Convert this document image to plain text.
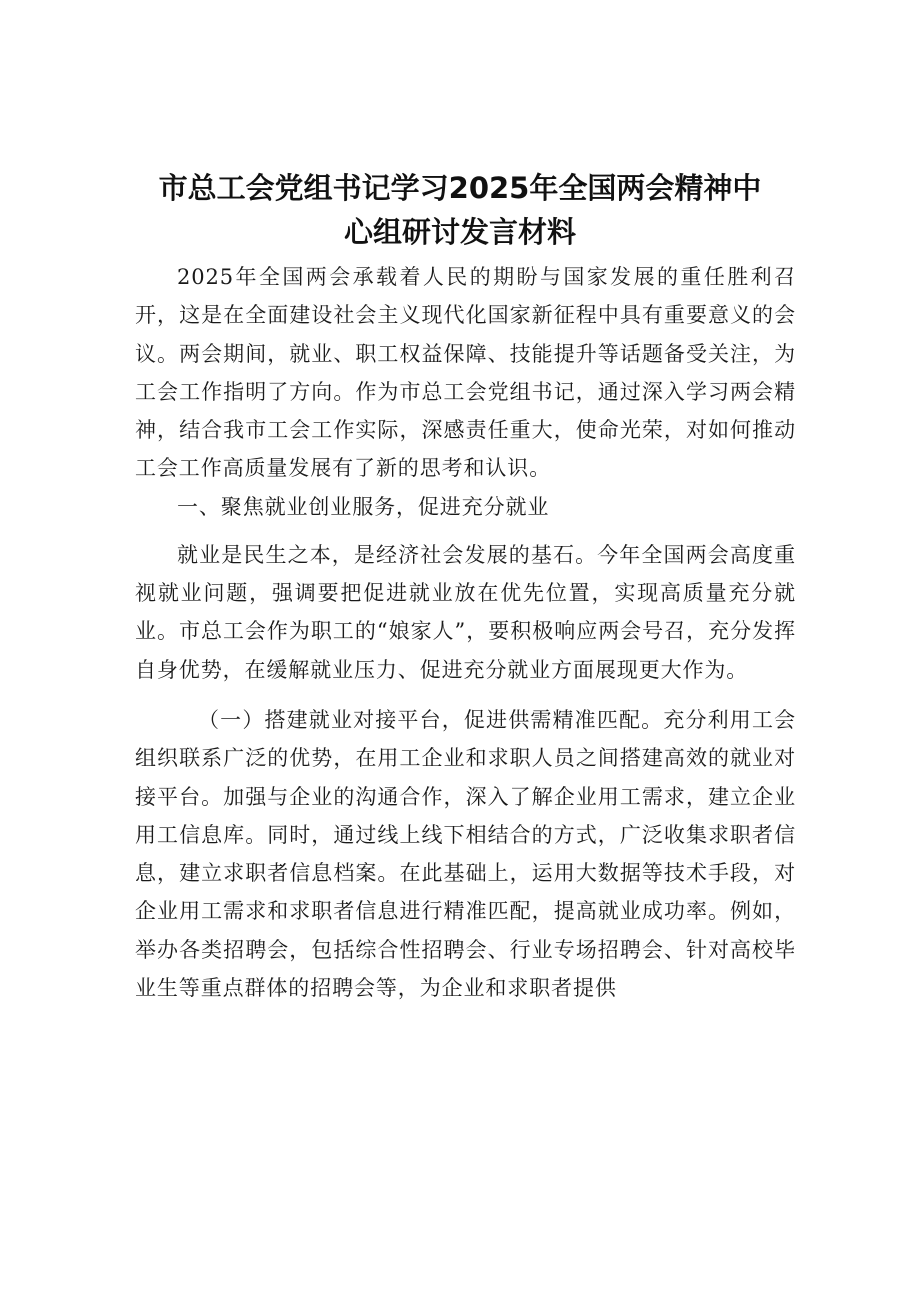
市总工会党组书记学习2025年全国两会精神中
心组研讨发言材料

2025年全国两会承载着人民的期盼与国家发展的重任胜利召开，这是在全面建设社会主义现代化国家新征程中具有重要意义的会议。两会期间，就业、职工权益保障、技能提升等话题备受关注，为工会工作指明了方向。作为市总工会党组书记，通过深入学习两会精神，结合我市工会工作实际，深感责任重大，使命光荣，对如何推动工会工作高质量发展有了新的思考和认识。

一、聚焦就业创业服务，促进充分就业

就业是民生之本，是经济社会发展的基石。今年全国两会高度重视就业问题，强调要把促进就业放在优先位置，实现高质量充分就业。市总工会作为职工的“娘家人”，要积极响应两会号召，充分发挥自身优势，在缓解就业压力、促进充分就业方面展现更大作为。

（一）搭建就业对接平台，促进供需精准匹配。充分利用工会组织联系广泛的优势，在用工企业和求职人员之间搭建高效的就业对接平台。加强与企业的沟通合作，深入了解企业用工需求，建立企业用工信息库。同时，通过线上线下相结合的方式，广泛收集求职者信息，建立求职者信息档案。在此基础上，运用大数据等技术手段，对企业用工需求和求职者信息进行精准匹配，提高就业成功率。例如，举办各类招聘会，包括综合性招聘会、行业专场招聘会、针对高校毕业生等重点群体的招聘会等，为企业和求职者提供
